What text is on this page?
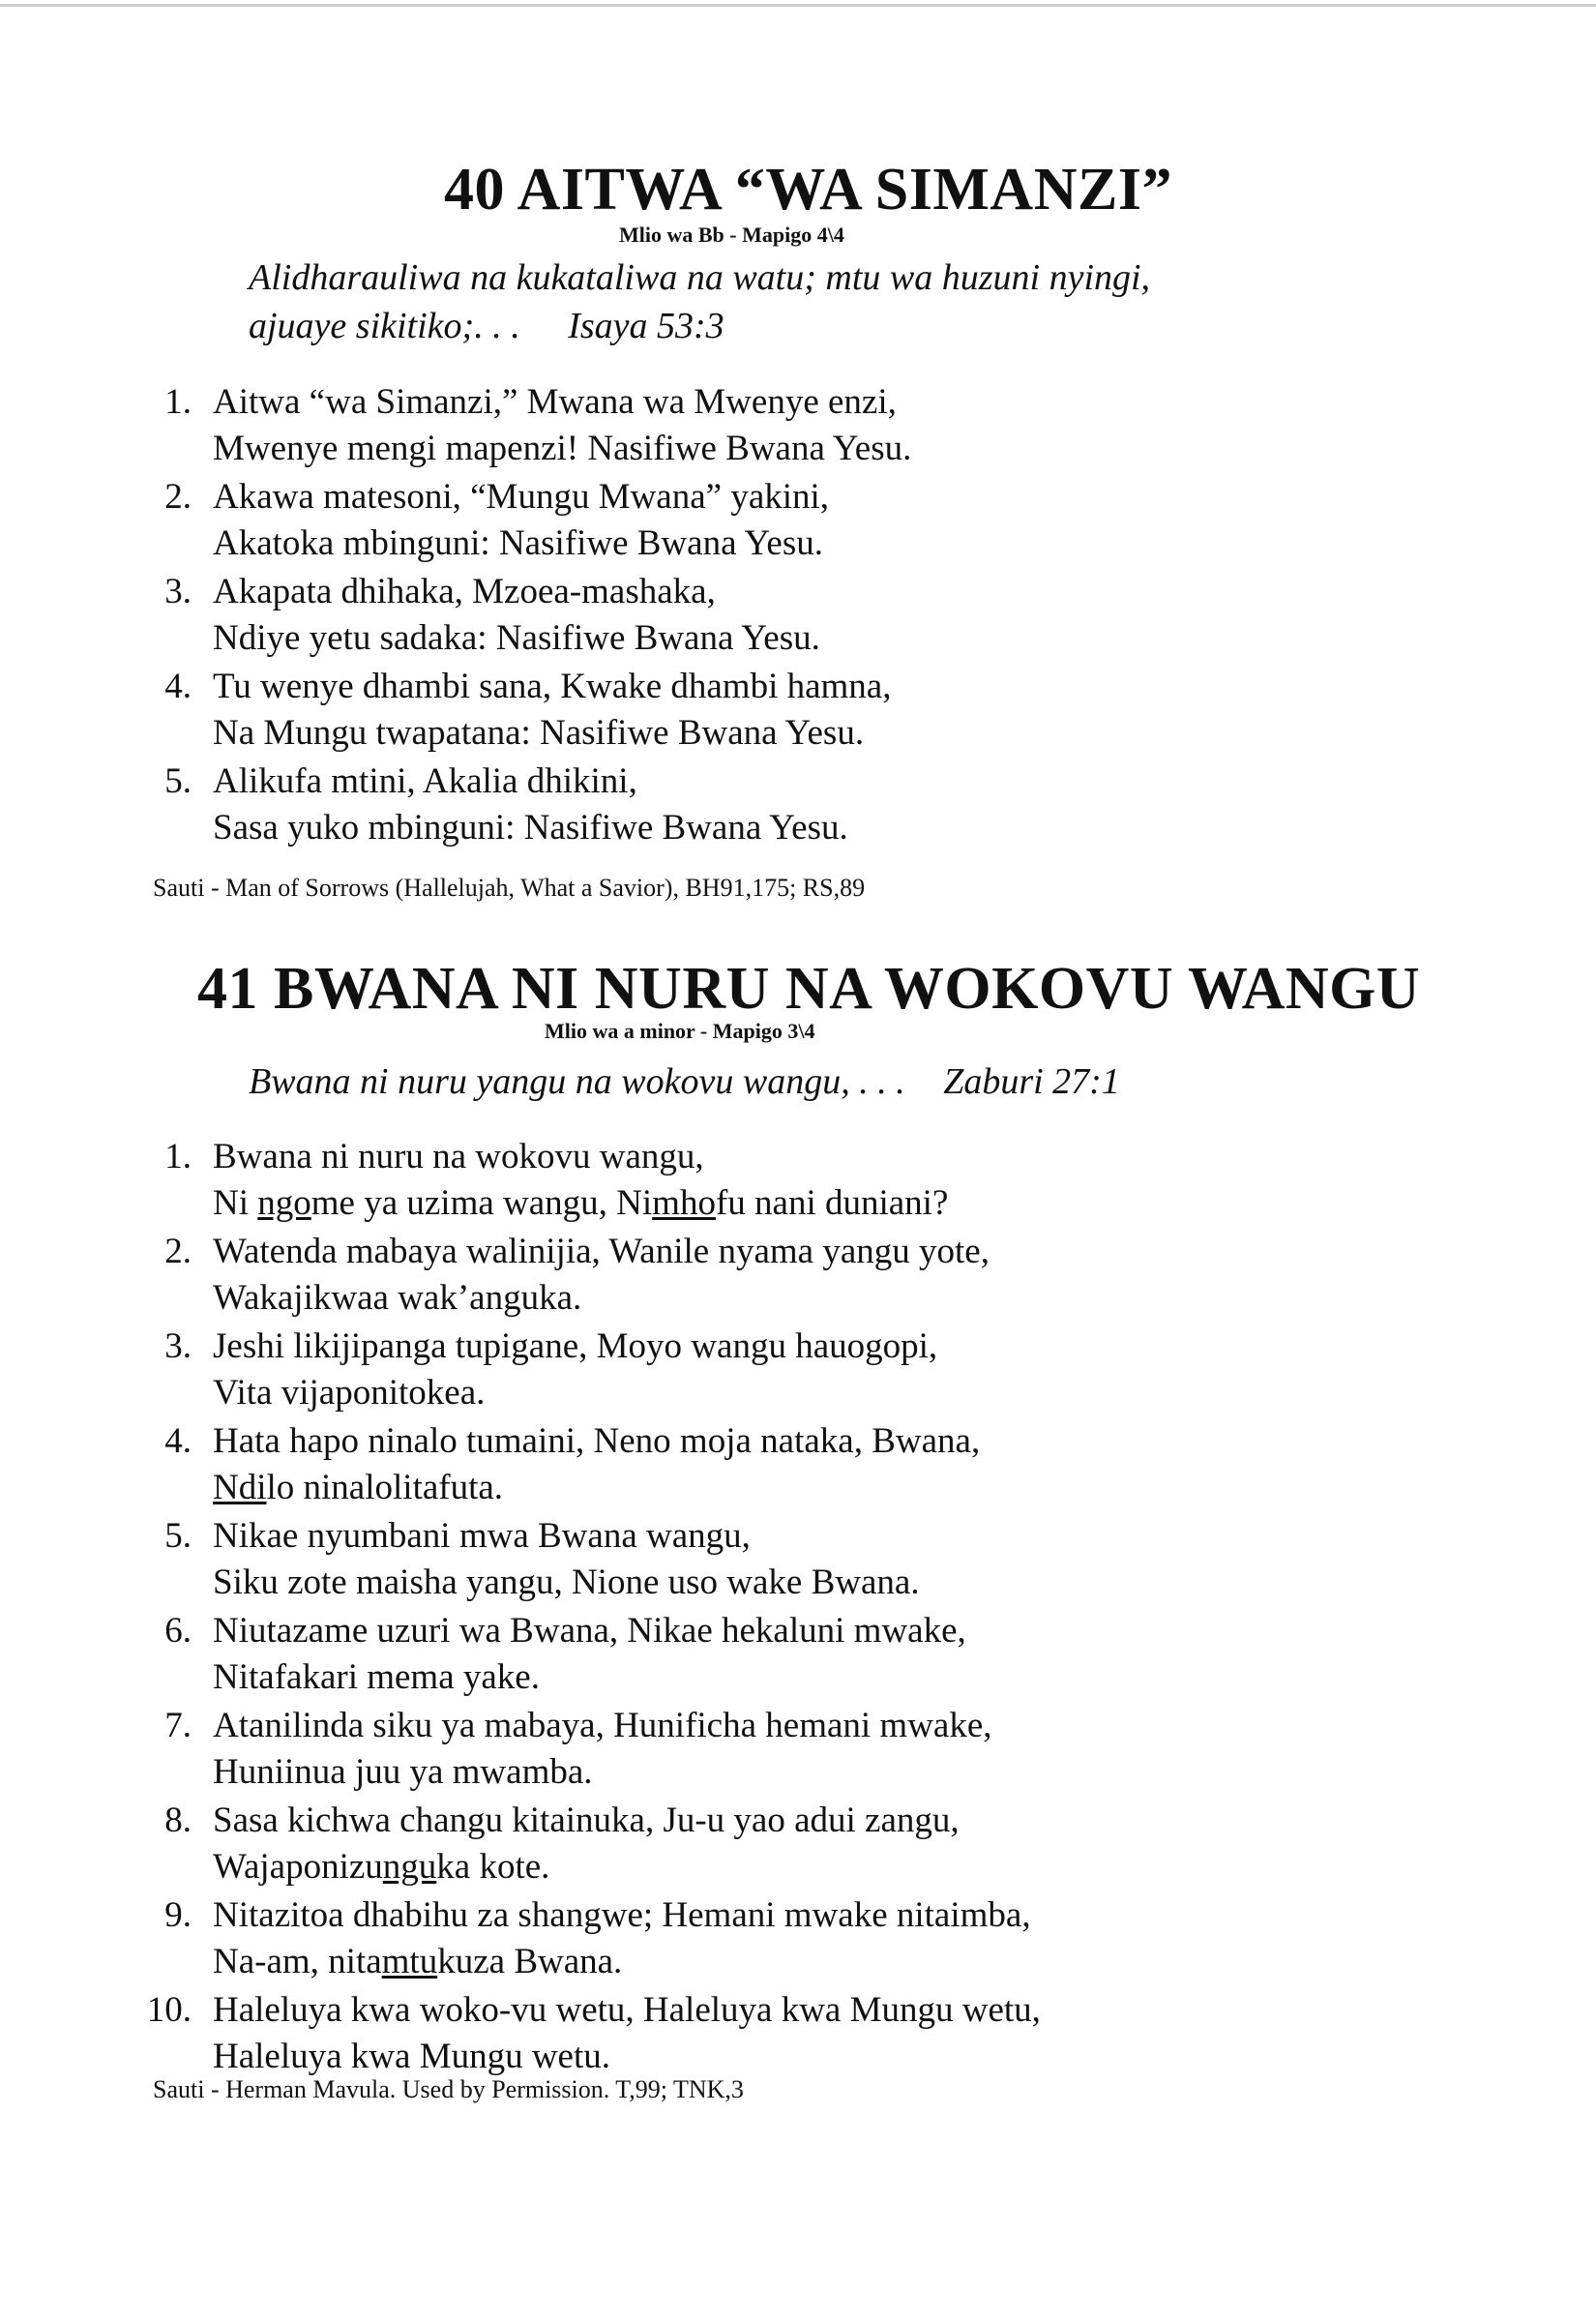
40 AITWA “WA SIMANZI”
Mlio wa Bb - Mapigo 4\4
Alidharauliwa na kukataliwa na watu; mtu wa huzuni nyingi,
ajuaye sikitiko;. . . Isaya 53:3
1. Aitwa “wa Simanzi,” Mwana wa Mwenye enzi,
Mwenye mengi mapenzi! Nasifiwe Bwana Yesu.
2. Akawa matesoni, “Mungu Mwana” yakini,
Akatoka mbinguni: Nasifiwe Bwana Yesu.
3. Akapata dhihaka, Mzoea-mashaka,
Ndiye yetu sadaka: Nasifiwe Bwana Yesu.
4. Tu wenye dhambi sana, Kwake dhambi hamna,
Na Mungu twapatana: Nasifiwe Bwana Yesu.
5. Alikufa mtini, Akalia dhikini,
Sasa yuko mbinguni: Nasifiwe Bwana Yesu.
Sauti - Man of Sorrows (Hallelujah, What a Savior), BH91,175; RS,89
41 BWANA NI NURU NA WOKOVU WANGU
Mlio wa a minor - Mapigo 3\4
Bwana ni nuru yangu na wokovu wangu, . . . Zaburi 27:1
1. Bwana ni nuru na wokovu wangu,
Ni ngome ya uzima wangu, Nimhofu nani duniani?
2. Watenda mabaya walinijia, Wanile nyama yangu yote,
Wakajikwaa wak’anguka.
3. Jeshi likijipanga tupigane, Moyo wangu hauogopi,
Vita vijaponitokea.
4. Hata hapo ninalo tumaini, Neno moja nataka, Bwana,
Ndilo ninalolitafuta.
5. Nikae nyumbani mwa Bwana wangu,
Siku zote maisha yangu, Nione uso wake Bwana.
6. Niutazame uzuri wa Bwana, Nikae hekaluni mwake,
Nitafakari mema yake.
7. Atanilinda siku ya mabaya, Hunificha hemani mwake,
Huniinua juu ya mwamba.
8. Sasa kichwa changu kitainuka, Ju-u yao adui zangu,
Wajaponizunguka kote.
9. Nitazitoa dhabihu za shangwe; Hemani mwake nitaimba,
Na-am, nitamtukuza Bwana.
10. Haleluya kwa woko-vu wetu, Haleluya kwa Mungu wetu,
Haleluya kwa Mungu wetu.
Sauti - Herman Mavula. Used by Permission. T,99; TNK,3
